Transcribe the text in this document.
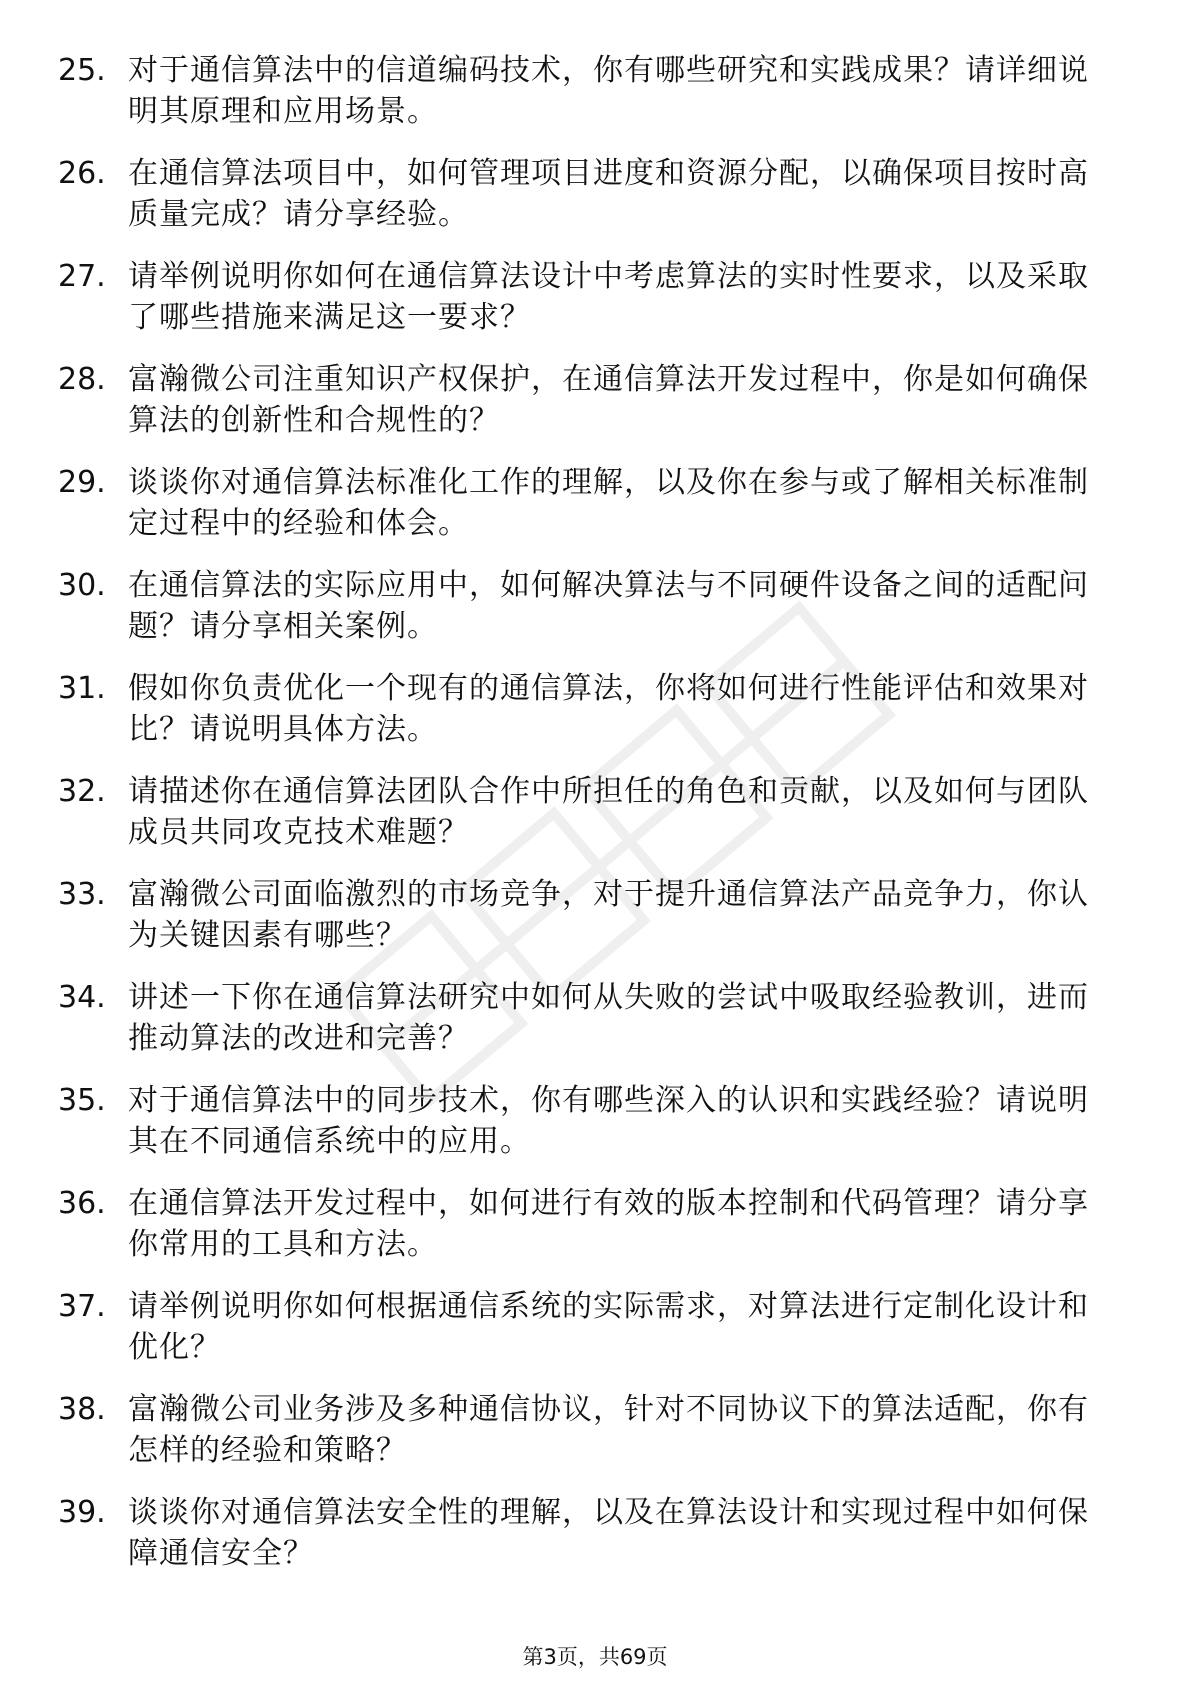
25. 对于通信算法中的信道编码技术，你有哪些研究和实践成果？请详细说明其原理和应用场景。
26. 在通信算法项目中，如何管理项目进度和资源分配，以确保项目按时高质量完成？请分享经验。
27. 请举例说明你如何在通信算法设计中考虑算法的实时性要求，以及采取了哪些措施来满足这一要求？
28. 富瀚微公司注重知识产权保护，在通信算法开发过程中，你是如何确保算法的创新性和合规性的？
29. 谈谈你对通信算法标准化工作的理解，以及你在参与或了解相关标准制定过程中的经验和体会。
30. 在通信算法的实际应用中，如何解决算法与不同硬件设备之间的适配问题？请分享相关案例。
31. 假如你负责优化一个现有的通信算法，你将如何进行性能评估和效果对比？请说明具体方法。
32. 请描述你在通信算法团队合作中所担任的角色和贡献，以及如何与团队成员共同攻克技术难题？
33. 富瀚微公司面临激烈的市场竞争，对于提升通信算法产品竞争力，你认为关键因素有哪些？
34. 讲述一下你在通信算法研究中如何从失败的尝试中吸取经验教训，进而推动算法的改进和完善？
35. 对于通信算法中的同步技术，你有哪些深入的认识和实践经验？请说明其在不同通信系统中的应用。
36. 在通信算法开发过程中，如何进行有效的版本控制和代码管理？请分享你常用的工具和方法。
37. 请举例说明你如何根据通信系统的实际需求，对算法进行定制化设计和优化？
38. 富瀚微公司业务涉及多种通信协议，针对不同协议下的算法适配，你有怎样的经验和策略？
39. 谈谈你对通信算法安全性的理解，以及在算法设计和实现过程中如何保障通信安全？
第3页，共69页
